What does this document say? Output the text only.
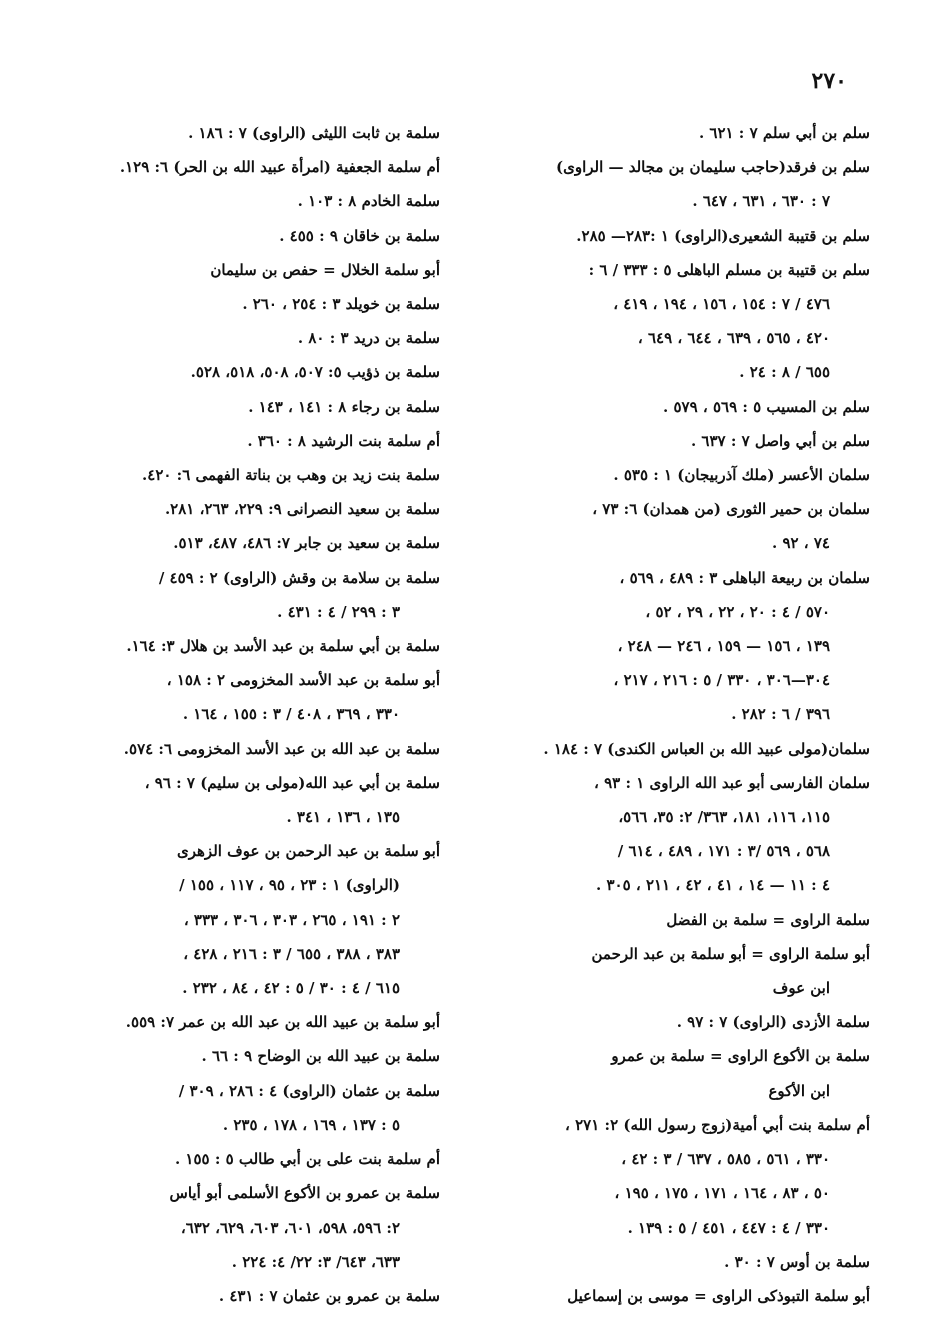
٢٧٠
سلم بن أبي سلم ٧ : ٦٢١ .
سلم بن فرقد(حاجب سليمان بن مجالد — الراوى)
٧ : ٦٣٠ ، ٦٣١ ، ٦٤٧ .
سلم بن قتيبة الشعيرى(الراوى) ١ :٢٨٣— ٢٨٥.
سلم بن قتيبة بن مسلم الباهلى ٥ : ٣٣٣ / ٦ :
٤٧٦ / ٧ : ١٥٤ ، ١٥٦ ، ١٩٤ ، ٤١٩ ،
٤٢٠ ، ٥٦٥ ، ٦٣٩ ، ٦٤٤ ، ٦٤٩ ،
٦٥٥ / ٨ : ٢٤ .
سلم بن المسيب ٥ : ٥٦٩ ، ٥٧٩ .
سلم بن أبي واصل ٧ : ٦٣٧ .
سلمان الأعسر (ملك آذربيجان) ١ : ٥٣٥ .
سلمان بن حمير الثورى (من همدان) ٦: ٧٣ ،
٧٤ ، ٩٢ .
سلمان بن ربيعة الباهلى ٣ : ٤٨٩ ، ٥٦٩ ،
٥٧٠ / ٤ : ٢٠ ، ٢٢ ، ٢٩ ، ٥٢ ،
١٣٩ ، ١٥٦ — ١٥٩ ، ٢٤٦ — ٢٤٨ ،
٣٠٤—٣٠٦ ، ٣٣٠ / ٥ : ٢١٦ ، ٢١٧ ،
٣٩٦ / ٦ : ٢٨٢ .
سلمان(مولى عبيد الله بن العباس الكندى) ٧ : ١٨٤ .
سلمان الفارسى أبو عبد الله الراوى ١ : ٩٣ ،
١١٥، ١١٦، ١٨١، ٣٦٣/ ٢: ٣٥، ٥٦٦،
٥٦٨ ، ٥٦٩ /٣ : ١٧١ ، ٤٨٩ ، ٦١٤ /
٤ : ١١ — ١٤ ، ٤١ ، ٤٢ ، ٢١١ ، ٣٠٥ .
سلمة الراوى = سلمة بن الفضل
أبو سلمة الراوى = أبو سلمة بن عبد الرحمن
ابن عوف
سلمة الأزدى (الراوى) ٧ : ٩٧ .
سلمة بن الأكوع الراوى = سلمة بن عمرو
ابن الأكوع
أم سلمة بنت أبي أمية(زوج رسول الله) ٢: ٢٧١ ،
٣٣٠ ، ٥٦١ ، ٥٨٥ ، ٦٣٧ / ٣ : ٤٢ ،
٥٠ ، ٨٣ ، ١٦٤ ، ١٧١ ، ١٧٥ ، ١٩٥ ،
٣٣٠ / ٤ : ٤٤٧ ، ٤٥١ / ٥ : ١٣٩ .
سلمة بن أوس ٧ : ٣٠ .
أبو سلمة التبوذكى الراوى = موسى بن إسماعيل
سلمة بن ثابت الليثى (الراوى) ٧ : ١٨٦ .
أم سلمة الجعفية (امرأة عبيد الله بن الحر) ٦: ١٢٩.
سلمة الخادم ٨ : ١٠٣ .
سلمة بن خاقان ٩ : ٤٥٥ .
أبو سلمة الخلال = حفص بن سليمان
سلمة بن خويلد ٣ : ٢٥٤ ، ٢٦٠ .
سلمة بن دريد ٣ : ٨٠ .
سلمة بن ذؤيب ٥: ٥٠٧، ٥٠٨، ٥١٨، ٥٢٨.
سلمة بن رجاء ٨ : ١٤١ ، ١٤٣ .
أم سلمة بنت الرشيد ٨ : ٣٦٠ .
سلمة بنت زيد بن وهب بن بناتة الفهمى ٦: ٤٢٠.
سلمة بن سعيد النصرانى ٩: ٢٢٩، ٢٦٣، ٢٨١.
سلمة بن سعيد بن جابر ٧: ٤٨٦، ٤٨٧، ٥١٣.
سلمة بن سلامة بن وقش (الراوى) ٢ : ٤٥٩ /
٣ : ٢٩٩ / ٤ : ٤٣١ .
سلمة بن أبي سلمة بن عبد الأسد بن هلال ٣: ١٦٤.
أبو سلمة بن عبد الأسد المخزومى ٢ : ١٥٨ ،
٣٣٠ ، ٣٦٩ ، ٤٠٨ / ٣ : ١٥٥ ، ١٦٤ .
سلمة بن عبد الله بن عبد الأسد المخزومى ٦: ٥٧٤.
سلمة بن أبي عبد الله(مولى بن سليم) ٧ : ٩٦ ،
١٣٥ ، ١٣٦ ، ٣٤١ .
أبو سلمة بن عبد الرحمن بن عوف الزهرى
(الراوى) ١ : ٢٣ ، ٩٥ ، ١١٧ ، ١٥٥ /
٢ : ١٩١ ، ٢٦٥ ، ٣٠٣ ، ٣٠٦ ، ٣٣٣ ،
٣٨٣ ، ٣٨٨ ، ٦٥٥ / ٣ : ٢١٦ ، ٤٢٨ ،
٦١٥ / ٤ : ٣٠ / ٥ : ٤٢ ، ٨٤ ، ٢٣٢ .
أبو سلمة بن عبيد الله بن عبد الله بن عمر ٧: ٥٥٩.
سلمة بن عبيد الله بن الوضاح ٩ : ٦٦ .
سلمة بن عثمان (الراوى) ٤ : ٢٨٦ ، ٣٠٩ /
٥ : ١٣٧ ، ١٦٩ ، ١٧٨ ، ٢٣٥ .
أم سلمة بنت على بن أبي طالب ٥ : ١٥٥ .
سلمة بن عمرو بن الأكوع الأسلمى أبو أياس
٢: ٥٩٦، ٥٩٨، ٦٠١، ٦٠٣، ٦٢٩، ٦٣٢،
٦٣٣، ٦٤٣/ ٣: ٢٢/ ٤: ٢٢٤ .
سلمة بن عمرو بن عثمان ٧ : ٤٣١ .
